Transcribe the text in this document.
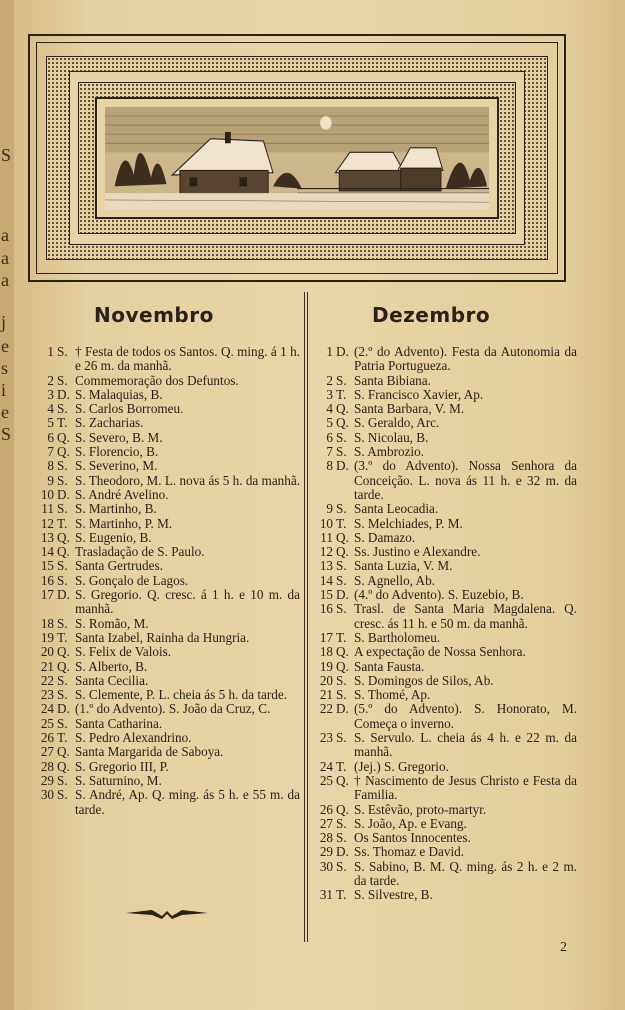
S
a
a
a
j
e
s
i
e
S
Novembro	Dezembro
1 S. † Festa de todos os Santos. Q. ming. á 1 h. e 26 m. da manhã.
2 S. Commemoração dos Defuntos.
3 D. S. Malaquias, B.
4 S. S. Carlos Borromeu.
5 T. S. Zacharias.
6 Q. S. Severo, B. M.
7 Q. S. Florencio, B.
8 S. S. Severino, M.
9 S. S. Theodoro, M. L. nova ás 5 h. da manhã.
10 D. S. André Avelino.
11 S. S. Martinho, B.
12 T. S. Martinho, P. M.
13 Q. S. Eugenio, B.
14 Q. Trasladação de S. Paulo.
15 S. Santa Gertrudes.
16 S. S. Gonçalo de Lagos.
17 D. S. Gregorio. Q. cresc. á 1 h. e 10 m. da manhã.
18 S. S. Romão, M.
19 T. Santa Izabel, Rainha da Hungria.
20 Q. S. Felix de Valois.
21 Q. S. Alberto, B.
22 S. Santa Cecilia.
23 S. S. Clemente, P. L. cheia ás 5 h. da tarde.
24 D. (1.º do Advento). S. João da Cruz, C.
25 S. Santa Catharina.
26 T. S. Pedro Alexandrino.
27 Q. Santa Margarida de Saboya.
28 Q. S. Gregorio III, P.
29 S. S. Saturnino, M.
30 S. S. André, Ap. Q. ming. ás 5 h. e 55 m. da tarde.
1 D. (2.º do Advento). Festa da Autonomia da Patria Portugueza.
2 S. Santa Bibiana.
3 T. S. Francisco Xavier, Ap.
4 Q. Santa Barbara, V. M.
5 Q. S. Geraldo, Arc.
6 S. S. Nicolau, B.
7 S. S. Ambrozio.
8 D. (3.º do Advento). Nossa Senhora da Conceição. L. nova ás 11 h. e 32 m. da tarde.
9 S. Santa Leocadia.
10 T. S. Melchiades, P. M.
11 Q. S. Damazo.
12 Q. Ss. Justino e Alexandre.
13 S. Santa Luzia, V. M.
14 S. S. Agnello, Ab.
15 D. (4.º do Advento). S. Euzebio, B.
16 S. Trasl. de Santa Maria Magdalena. Q. cresc. ás 11 h. e 50 m. da manhã.
17 T. S. Bartholomeu.
18 Q. A expectação de Nossa Senhora.
19 Q. Santa Fausta.
20 S. S. Domingos de Silos, Ab.
21 S. S. Thomé, Ap.
22 D. (5.º do Advento). S. Honorato, M. Começa o inverno.
23 S. S. Servulo. L. cheia ás 4 h. e 22 m. da manhã.
24 T. (Jej.) S. Gregorio.
25 Q. † Nascimento de Jesus Christo e Festa da Familia.
26 Q. S. Estêvão, proto-martyr.
27 S. S. João, Ap. e Evang.
28 S. Os Santos Innocentes.
29 D. Ss. Thomaz e David.
30 S. S. Sabino, B. M. Q. ming. ás 2 h. e 2 m. da tarde.
31 T. S. Silvestre, B.
2
